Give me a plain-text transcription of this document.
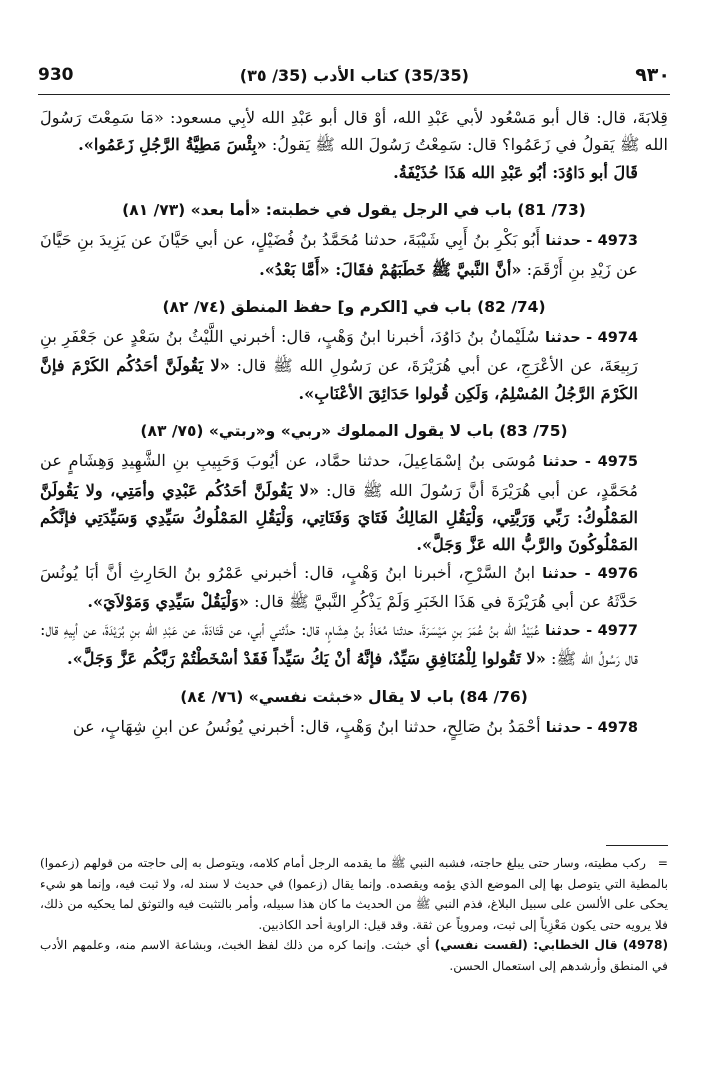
930	(35/35) كتاب الأدب (35/ ٣٥)	٩٣٠

قِلابَةَ، قال: قال أبو مَسْعُود لأبي عَبْدِ الله، أوْ قال أبو عَبْدِ الله لأبِي مسعود: «مَا سَمِعْتَ رَسُولَ الله ﷺ يَقولُ في زَعَمُوا؟ قال: سَمِعْتُ رَسُولَ الله ﷺ يَقولُ: «بِئْسَ مَطِيَّةُ الرَّجُلِ زَعَمُوا».

قَالَ أبو دَاوُدَ: أبُو عَبْدِ الله هَذَا حُذَيْفَةُ.

(73/ 81) باب في الرجل يقول في خطبته: «أما بعد» (٧٣/ ٨١)

4973 - حدثنا أَبُو بَكْرِ بنُ أَبِي شَيْبَةَ، حدثنا مُحَمَّدُ بنُ فُضَيْلٍ، عن أبي حَيَّانَ عن يَزِيدَ بنِ حَيَّانَ عن زَيْدِ بنِ أَرْقَمَ: «أنَّ النَّبيَّ ﷺ خَطَبَهُمْ فقَالَ: «أَمَّا بَعْدُ».

(74/ 82) باب في [الكرم و] حفظ المنطق (٧٤/ ٨٢)

4974 - حدثنا سُلَيْمانُ بنُ دَاوُدَ، أخبرنا ابنُ وَهْبٍ، قال: أخبرني اللَّيْثُ بنُ سَعْدٍ عن جَعْفَرِ بنِ رَبِيعَةَ، عن الأعْرَجِ، عن أبي هُرَيْرَةَ، عن رَسُولِ الله ﷺ قال: «لا يَقُولَنَّ أحَدُكُم الكَرْمَ فإنَّ الكَرْمَ الرَّجُلُ المُسْلِمُ، وَلَكِن قُولوا حَدَائِقَ الأعْنَابِ».

(75/ 83) باب لا يقول المملوك «ربي» و«ربتي» (٧٥/ ٨٣)

4975 - حدثنا مُوسَى بنُ إسْمَاعِيلَ، حدثنا حمَّاد، عن أيُوبَ وَحَبِيبِ بنِ الشَّهِيدِ وَهِشَامٍ عن مُحَمَّدٍ، عن أبي هُرَيْرَةَ أنَّ رَسُولَ الله ﷺ قال: «لا يَقُولَنَّ أحَدُكُم عَبْدِي وأمَتِي، ولا يَقُولَنَّ المَمْلُوكُ: رَبِّي وَرَبَّتِي، وَلْيَقُلِ المَالِكُ فَتَايَ وَفَتَاتِي، وَلْيَقُلِ المَمْلُوكُ سَيِّدِي وَسَيِّدَتِي فإنَّكُم المَمْلُوكُونَ والرَّبُّ الله عَزَّ وَجَلَّ».

4976 - حدثنا ابنُ السَّرْحِ، أخبرنا ابنُ وَهْبٍ، قال: أخبرني عَمْرُو بنُ الحَارِثِ أنَّ أبَا يُونُسَ حَدَّثَهُ عن أبي هُرَيْرَةَ في هَذَا الخَبَرِ وَلَمْ يَذْكُرِ النَّبيَّ ﷺ قال: «وَلْيَقُلْ سَيِّدِي وَمَوْلاَيَ».

4977 - حدثنا عُبَيْدُ الله بنُ عُمَرَ بنِ مَيْسَرَةَ، حدثنا مُعَاذُ بنُ هِشَامٍ، قال: حدَّثني أبي، عن قَتَادَةَ، عن عَبْدِ الله بنِ بُرَيْدَةَ، عن أبِيهِ قال: قال رَسُولُ الله ﷺ: «لا تَقُولوا لِلْمُنَافِقِ سَيِّدٌ، فإنَّهُ أنْ يَكُ سَيِّداً فَقَدْ أسْخَطْتُمْ رَبَّكُم عَزَّ وَجَلَّ».

(76/ 84) باب لا يقال «خبثت نفسي» (٧٦/ ٨٤)

4978 - حدثنا أحْمَدُ بنُ صَالِحٍ، حدثنا ابنُ وَهْبٍ، قال: أخبرني يُونُسُ عن ابنِ شِهَابٍ، عن

=ركب مطيته، وسار حتى يبلغ حاجته، فشبه النبي ﷺ ما يقدمه الرجل أمام كلامه، ويتوصل به إلى حاجته من قولهم (زعموا) بالمطية التي يتوصل بها إلى الموضع الذي يؤمه ويقصده. وإنما يقال (زعموا) في حديث لا سند له، ولا ثبت فيه، وإنما هو شيء يحكى على الألسن على سبيل البلاغ، فذم النبي ﷺ من الحديث ما كان هذا سبيله، وأمر بالتثبت فيه والتوثق لما يحكيه من ذلك، فلا يرويه حتى يكون مَعْزِياً إلى ثبت، ومروياً عن ثقة. وقد قيل: الراوية أحد الكاذبين.

(4978) قال الخطابي: (لقست نفسي) أي خبثت. وإنما كره من ذلك لفظ الخبث، وبشاعة الاسم منه، وعلمهم الأدب في المنطق وأرشدهم إلى استعمال الحسن.
